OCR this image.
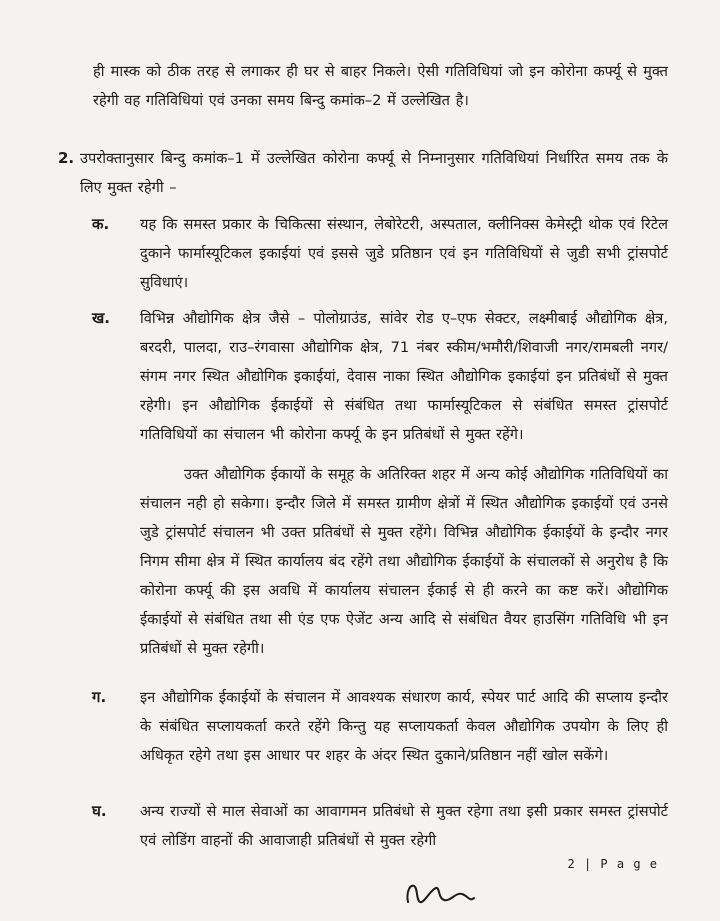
ही मास्क को ठीक तरह से लगाकर ही घर से बाहर निकले। ऐसी गतिविधियां जो इन कोरोना कर्फ्यू से मुक्त रहेगी वह गतिविधियां एवं उनका समय बिन्दु कमांक–2 में उल्लेखित है।

2. उपरोक्तानुसार बिन्दु कमांक–1 में उल्लेखित कोरोना कर्फ्यू से निम्नानुसार गतिविधियां निर्धारित समय तक के लिए मुक्त रहेगी –

क. यह कि समस्त प्रकार के चिकित्सा संस्थान, लेबोरेटरी, अस्पताल, क्लीनिक्स केमेस्ट्री थोक एवं रिटेल दुकाने फार्मास्यूटिकल इकाईयां एवं इससे जुडे प्रतिष्ठान एवं इन गतिविधियों से जुडी सभी ट्रांसपोर्ट सुविधाएं।

ख. विभिन्न औद्योगिक क्षेत्र जैसे – पोलोग्राउंड, सांवेर रोड ए–एफ सेक्टर, लक्ष्मीबाई औद्योगिक क्षेत्र, बरदरी, पालदा, राउ–रंगवासा औद्योगिक क्षेत्र, 71 नंबर स्कीम/भमौरी/शिवाजी नगर/रामबली नगर/संगम नगर स्थित औद्योगिक इकाईयां, देवास नाका स्थित औद्योगिक इकाईयां इन प्रतिबंधों से मुक्त रहेगी। इन औद्योगिक ईकाईयों से संबंधित तथा फार्मास्यूटिकल से संबंधित समस्त ट्रांसपोर्ट गतिविधियों का संचालन भी कोरोना कर्फ्यू के इन प्रतिबंधों से मुक्त रहेंगे।

उक्त औद्योगिक ईकायों के समूह के अतिरिक्त शहर में अन्य कोई औद्योगिक गतिविधियों का संचालन नही हो सकेगा। इन्दौर जिले में समस्त ग्रामीण क्षेत्रों में स्थित औद्योगिक इकाईयों एवं उनसे जुडे ट्रांसपोर्ट संचालन भी उक्त प्रतिबंधों से मुक्त रहेंगे। विभिन्न औद्योगिक ईकाईयों के इन्दौर नगर निगम सीमा क्षेत्र में स्थित कार्यालय बंद रहेंगे तथा औद्योगिक ईकाईयों के संचालकों से अनुरोध है कि कोरोना कर्फ्यू की इस अवधि में कार्यालय संचालन ईकाई से ही करने का कष्ट करें। औद्योगिक ईकाईयों से संबंधित तथा सी एंड एफ ऐजेंट अन्य आदि से संबंधित वैयर हाउसिंग गतिविधि भी इन प्रतिबंधों से मुक्त रहेगी।

ग. इन औद्योगिक ईकाईयों के संचालन में आवश्यक संधारण कार्य, स्पेयर पार्ट आदि की सप्लाय इन्दौर के संबंधित सप्लायकर्ता करते रहेंगे किन्तु यह सप्लायकर्ता केवल औद्योगिक उपयोग के लिए ही अधिकृत रहेगे तथा इस आधार पर शहर के अंदर स्थित दुकाने/प्रतिष्ठान नहीं खोल सकेंगे।

घ. अन्य राज्यों से माल सेवाओं का आवागमन प्रतिबंधो से मुक्त रहेगा तथा इसी प्रकार समस्त ट्रांसपोर्ट एवं लोडिंग वाहनों की आवाजाही प्रतिबंधों से मुक्त रहेगी

2 | P a g e
